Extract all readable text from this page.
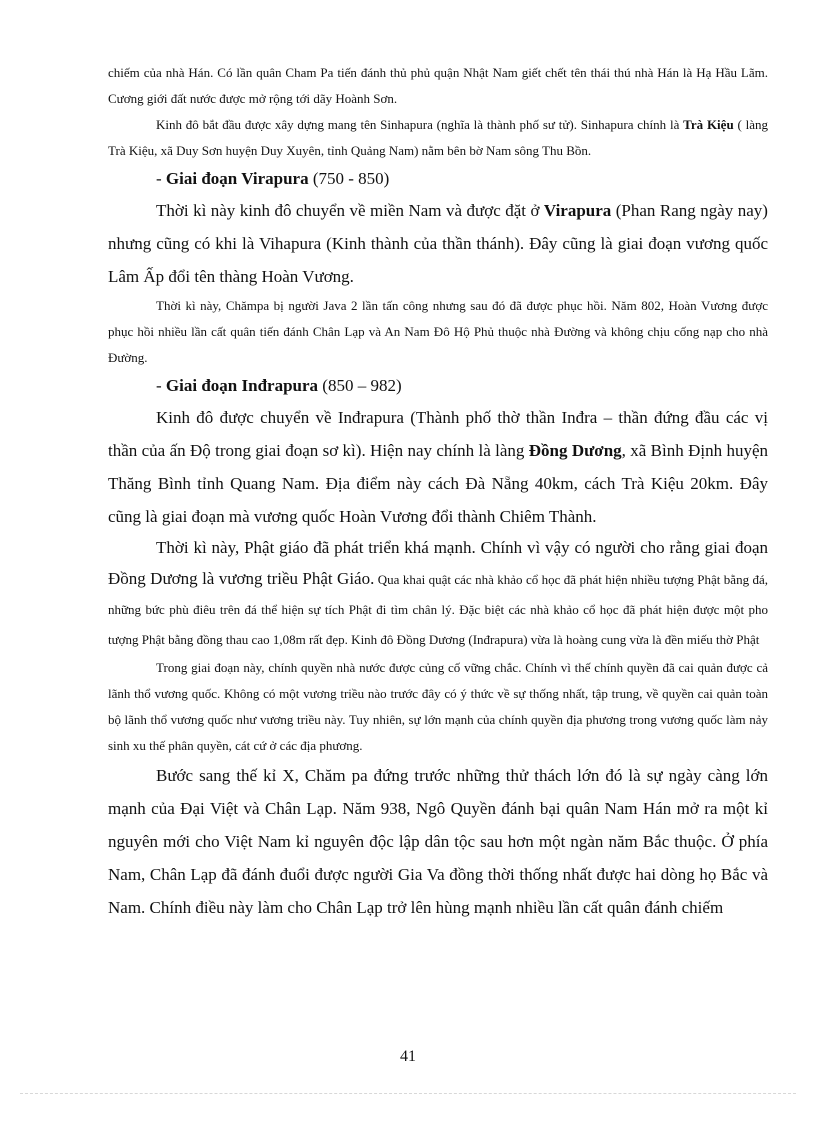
chiếm của nhà Hán. Có lần quân Cham Pa tiến đánh thủ phủ quận Nhật Nam giết chết tên thái thú nhà Hán là Hạ Hầu Lãm. Cương giới đất nước được mở rộng tới dãy Hoành Sơn.

Kinh đô bắt đầu được xây dựng mang tên Sinhapura (nghĩa là thành phố sư tử). Sinhapura chính là Trà Kiệu ( làng Trà Kiệu, xã Duy Sơn huyện Duy Xuyên, tỉnh Quảng Nam) nằm bên bờ Nam sông Thu Bồn.

- Giai đoạn Virapura (750 - 850)

Thời kì này kinh đô chuyển về miền Nam và được đặt ở Virapura (Phan Rang ngày nay) nhưng cũng có khi là Vihapura (Kinh thành của thần thánh). Đây cũng là giai đoạn vương quốc Lâm Ấp đổi tên thàng Hoàn Vương.

Thời kì này, Chămpa bị người Java 2 lần tấn công nhưng sau đó đã được phục hồi. Năm 802, Hoàn Vương được phục hồi nhiều lần cất quân tiến đánh Chân Lạp và An Nam Đô Hộ Phủ thuộc nhà Đường và không chịu cống nạp cho nhà Đường.

- Giai đoạn Inđrapura (850 – 982)

Kinh đô được chuyển về Inđrapura (Thành phố thờ thần Inđra – thần đứng đầu các vị thần của ấn Độ trong giai đoạn sơ kì). Hiện nay chính là làng Đồng Dương, xã Bình Định huyện Thăng Bình tỉnh Quang Nam. Địa điểm này cách Đà Nẵng 40km, cách Trà Kiệu 20km. Đây cũng là giai đoạn mà vương quốc Hoàn Vương đổi thành Chiêm Thành.

Thời kì này, Phật giáo đã phát triển khá mạnh. Chính vì vậy có người cho rằng giai đoạn Đồng Dương là vương triều Phật Giáo. Qua khai quật các nhà khảo cổ học đã phát hiện nhiều tượng Phật bằng đá, những bức phù điêu trên đá thể hiện sự tích Phật đi tìm chân lý. Đặc biệt các nhà khảo cổ học đã phát hiện được một pho tượng Phật bằng đồng thau cao 1,08m rất đẹp. Kinh đô Đồng Dương (Inđrapura) vừa là hoàng cung vừa là đền miếu thờ Phật

Trong giai đoạn này, chính quyền nhà nước được củng cố vững chắc. Chính vì thế chính quyền đã cai quản được cả lãnh thổ vương quốc. Không có một vương triều nào trước đây có ý thức về sự thống nhất, tập trung, về quyền cai quản toàn bộ lãnh thổ vương quốc như vương triều này. Tuy nhiên, sự lớn mạnh của chính quyền địa phương trong vương quốc làm nảy sinh xu thế phân quyền, cát cứ ở các địa phương.

Bước sang thế kỉ X, Chăm pa đứng trước những thử thách lớn đó là sự ngày càng lớn mạnh của Đại Việt và Chân Lạp. Năm 938, Ngô Quyền đánh bại quân Nam Hán mở ra một kỉ nguyên mới cho Việt Nam kỉ nguyên độc lập dân tộc sau hơn một ngàn năm Bắc thuộc. Ở phía Nam, Chân Lạp đã đánh đuổi được người Gia Va đồng thời thống nhất được hai dòng họ Bắc và Nam. Chính điều này làm cho Chân Lạp trở lên hùng mạnh nhiều lần cất quân đánh chiếm

41
